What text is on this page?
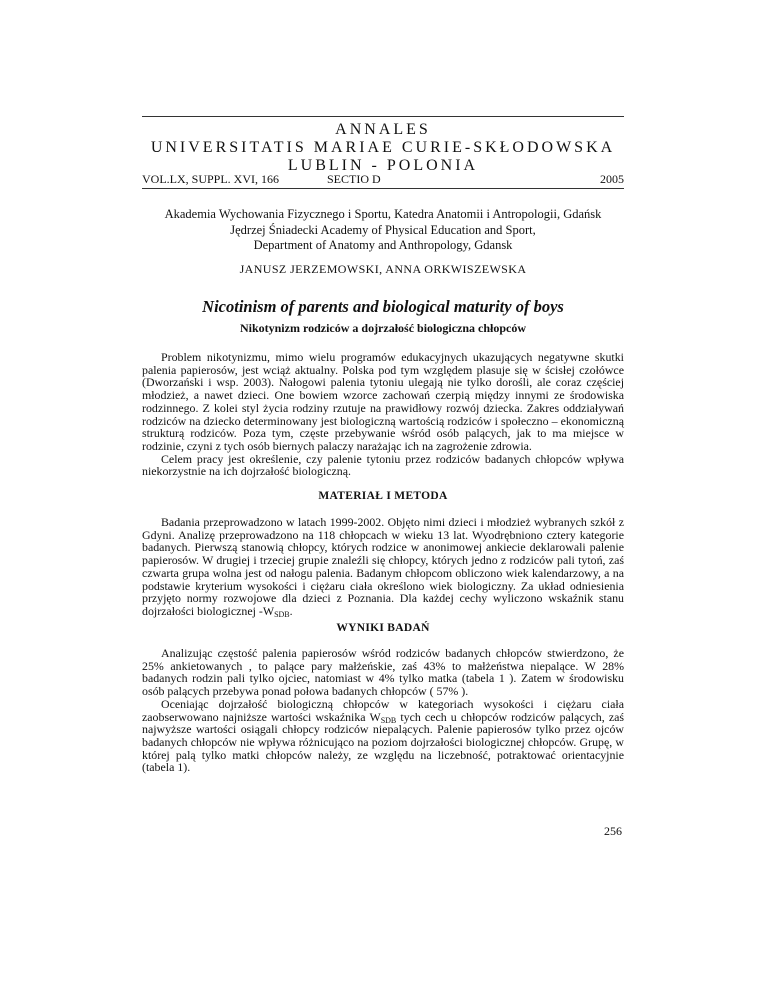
ANNALES
UNIVERSITATIS MARIAE CURIE-SKŁODOWSKA
LUBLIN - POLONIA
VOL.LX, SUPPL. XVI, 166	SECTIO D	2005
Akademia Wychowania Fizycznego i Sportu, Katedra Anatomii i Antropologii, Gdańsk
Jędrzej Śniadecki Academy of Physical Education and Sport,
Department of Anatomy and Anthropology, Gdansk
JANUSZ JERZEMOWSKI, ANNA ORKWISZEWSKA
Nicotinism of parents and biological maturity of boys
Nikotynizm rodziców a dojrzałość biologiczna chłopców

Problem nikotynizmu, mimo wielu programów edukacyjnych ukazujących negatywne skutki palenia papierosów, jest wciąż aktualny. Polska pod tym względem plasuje się w ścisłej czołówce (Dworzański i wsp. 2003). Nałogowi palenia tytoniu ulegają nie tylko dorośli, ale coraz częściej młodzież, a nawet dzieci. One bowiem wzorce zachowań czerpią między innymi ze środowiska rodzinnego. Z kolei styl życia rodziny rzutuje na prawidłowy rozwój dziecka. Zakres oddziaływań rodziców na dziecko determinowany jest biologiczną wartością rodziców i społeczno – ekonomiczną strukturą rodziców. Poza tym, częste przebywanie wśród osób palących, jak to ma miejsce w rodzinie, czyni z tych osób biernych palaczy narażając ich na zagrożenie zdrowia.

Celem pracy jest określenie, czy palenie tytoniu przez rodziców badanych chłopców wpływa niekorzystnie na ich dojrzałość biologiczną.

MATERIAŁ I METODA

Badania przeprowadzono w latach 1999-2002. Objęto nimi dzieci i młodzież wybranych szkół z Gdyni. Analizę przeprowadzono na 118 chłopcach w wieku 13 lat. Wyodrębniono cztery kategorie badanych. Pierwszą stanowią chłopcy, których rodzice w anonimowej ankiecie deklarowali palenie papierosów. W drugiej i trzeciej grupie znaleźli się chłopcy, których jedno z rodziców pali tytoń, zaś czwarta grupa wolna jest od nałogu palenia. Badanym chłopcom obliczono wiek kalendarzowy, a na podstawie kryterium wysokości i ciężaru ciała określono wiek biologiczny. Za układ odniesienia przyjęto normy rozwojowe dla dzieci z Poznania. Dla każdej cechy wyliczono wskaźnik stanu dojrzałości biologicznej $-W_{SDB}$.

WYNIKI BADAŃ

Analizując częstość palenia papierosów wśród rodziców badanych chłopców stwierdzono, że 25% ankietowanych , to palące pary małżeńskie, zaś 43% to małżeństwa niepalące. W 28% badanych rodzin pali tylko ojciec, natomiast w 4% tylko matka (tabela 1 ). Zatem w środowisku osób palących przebywa ponad połowa badanych chłopców ( 57% ).

Oceniając dojrzałość biologiczną chłopców w kategoriach wysokości i ciężaru ciała zaobserwowano najniższe wartości wskaźnika $W_{SDB}$ tych cech u chłopców rodziców palących, zaś najwyższe wartości osiągali chłopcy rodziców niepalących. Palenie papierosów tylko przez ojców badanych chłopców nie wpływa różnicująco na poziom dojrzałości biologicznej chłopców. Grupę, w której palą tylko matki chłopców należy, ze względu na liczebność, potraktować orientacyjnie (tabela 1).

256
